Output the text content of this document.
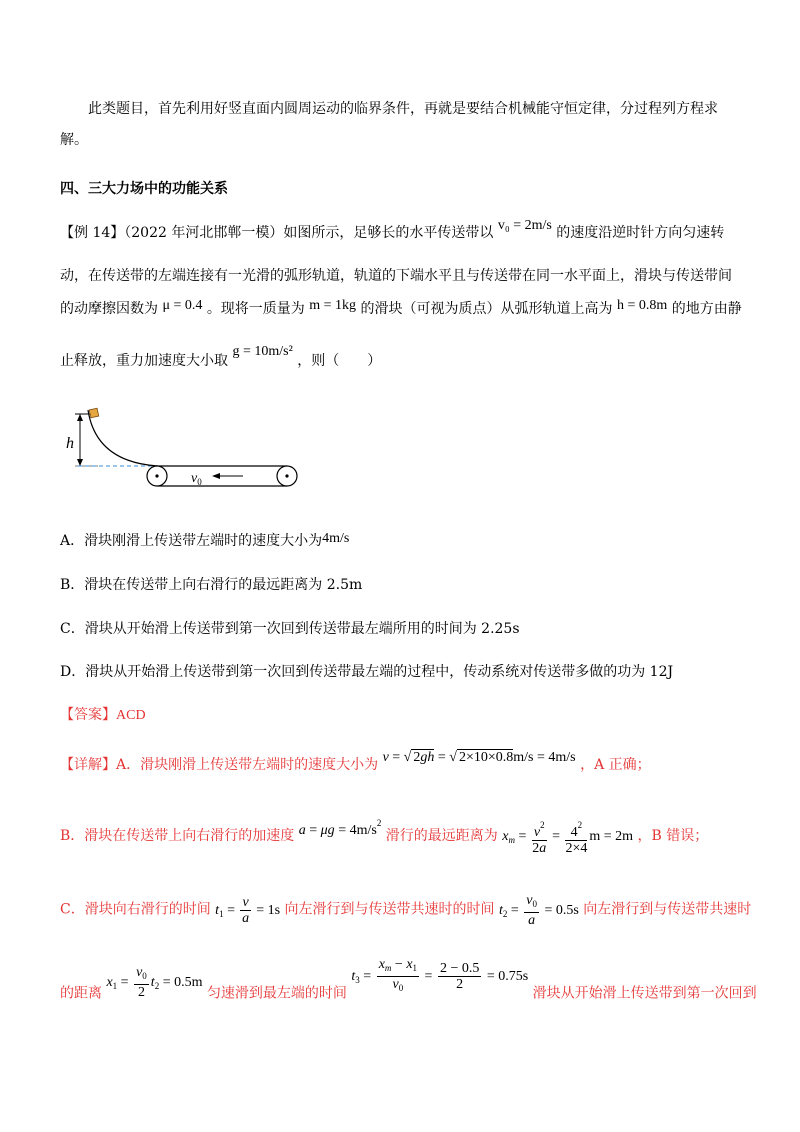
此类题目，首先利用好竖直面内圆周运动的临界条件，再就是要结合机械能守恒定律，分过程列方程求
解。
四、三大力场中的功能关系
【例 14】（2022 年河北邯郸一模）如图所示，足够长的水平传送带以 v₀ = 2m/s 的速度沿逆时针方向匀速转
动，在传送带的左端连接有一光滑的弧形轨道，轨道的下端水平且与传送带在同一水平面上，滑块与传送带间
的动摩擦因数为 μ = 0.4 。现将一质量为 m = 1kg 的滑块（可视为质点）从弧形轨道上高为 h = 0.8m 的地方由静
止释放，重力加速度大小取 g = 10m/s² ，则（　　）
h
$v_0$
A．滑块刚滑上传送带左端时的速度大小为4m/s
B．滑块在传送带上向右滑行的最远距离为 2.5m
C．滑块从开始滑上传送带到第一次回到传送带最左端所用的时间为 2.25s
D．滑块从开始滑上传送带到第一次回到传送带最左端的过程中，传动系统对传送带多做的功为 12J
【答案】ACD
【详解】A．滑块刚滑上传送带左端时的速度大小为 v = √ 2gh = √ 2×10×0.8m/s = 4m/s ，A 正确；
B．滑块在传送带上向右滑行的加速度 $a = \mu g = 4m/s^2$ 滑行的最远距离为 $x_m = \frac{v^2}{2a} = \frac{4^2}{2\times 4}$ m = 2m ，B 错误；
C．滑块向右滑行的时间 $t_1 = \frac{v}{a} = 1s$ 向左滑行到与传送带共速时的时间 $t_2 = \frac{v_0}{a} = 0.5s$ 向左滑行到与传送带共速时
的距离 $x_1 = \frac{v_0}{2} t_2 = 0.5m$ 匀速滑到最左端的时间 $t_3 = \frac{x_m - x_1}{v_0} = \frac{2 - 0.5}{2} = 0.75s$ 滑块从开始滑上传送带到第一次回到
